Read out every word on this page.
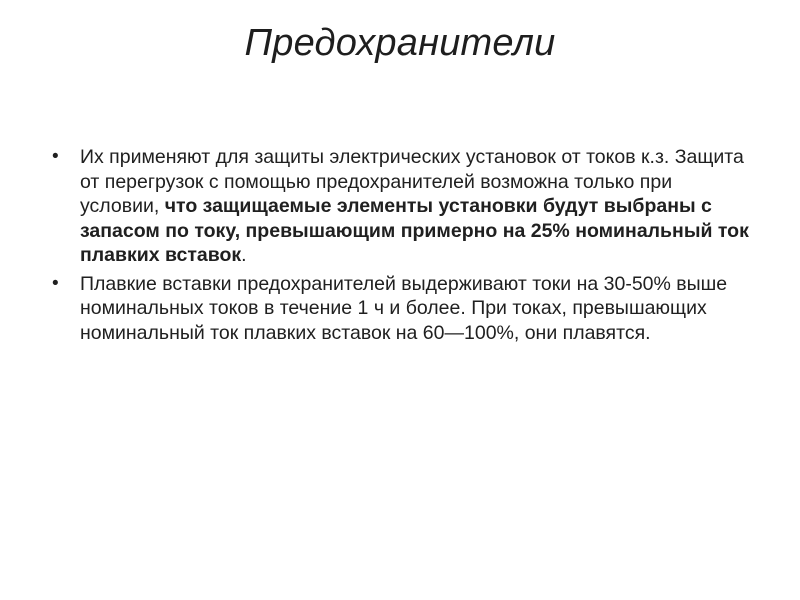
Предохранители
• Их применяют для защиты электрических установок от токов к.з. Защита от перегрузок с помощью предохранителей возможна только при условии, что защищаемые элементы установки будут выбраны с запасом по току, превышающим примерно на 25% номинальный ток плавких вставок.
• Плавкие вставки предохранителей выдерживают токи на 30-50% выше номинальных токов в течение 1 ч и более. При токах, превышающих номинальный ток плавких вставок на 60—100%, они плавятся.
